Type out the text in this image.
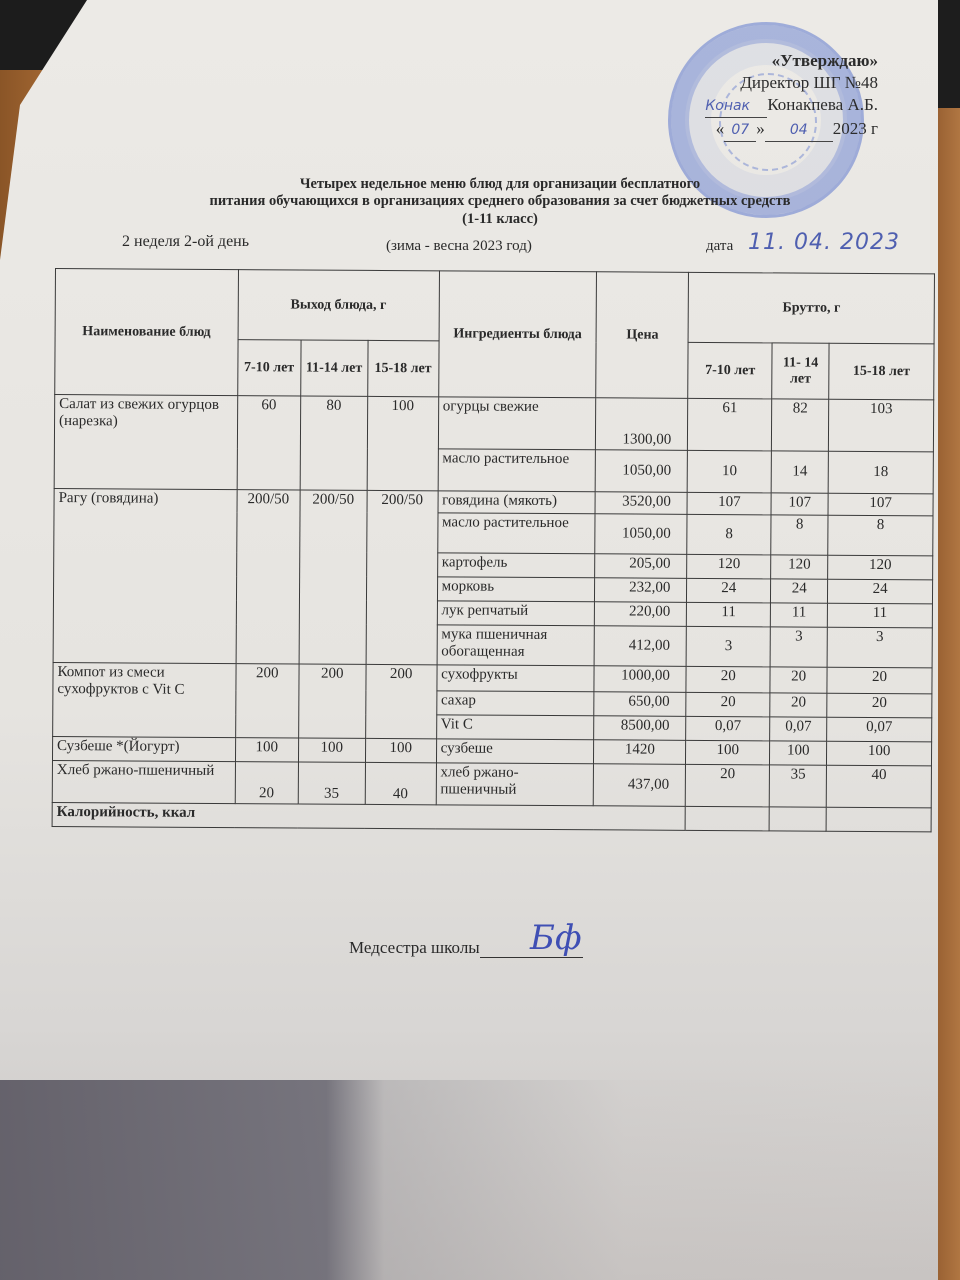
«Утверждаю»
Директор ШГ №48
Конак Конакпева А.Б.
« 07 » 04 2023 г
Четырех недельное меню блюд для организации бесплатного
питания обучающихся в организациях среднего образования за счет бюджетных средств
(1-11 класс)
2 неделя 2-ой день	(зима - весна 2023 год)	дата 11. 04. 2023
Наименование блюд	Выход блюда, г			Ингредиенты блюда	Цена	Брутто, г		
	7-10 лет	11-14 лет	15-18 лет			7-10 лет	11- 14 лет	15-18 лет
Салат из свежих огурцов (нарезка)	60	80	100	огурцы свежие	1300,00	61	82	103
				масло растительное	1050,00	10	14	18
Рагу (говядина)	200/50	200/50	200/50	говядина (мякоть)	3520,00	107	107	107
				масло растительное	1050,00	8	8	8
				картофель	205,00	120	120	120
				морковь	232,00	24	24	24
				лук репчатый	220,00	11	11	11
				мука пшеничная обогащенная	412,00	3	3	3
Компот из смеси сухофруктов с Vit C	200	200	200	сухофрукты	1000,00	20	20	20
				сахар	650,00	20	20	20
				Vit C	8500,00	0,07	0,07	0,07
Сузбеше *(Йогурт)	100	100	100	сузбеше	1420	100	100	100
Хлеб ржано-пшеничный	20	35	40	хлеб ржано-пшеничный	437,00	20	35	40
Калорийность, ккал								
Медсестра школы	Бф
